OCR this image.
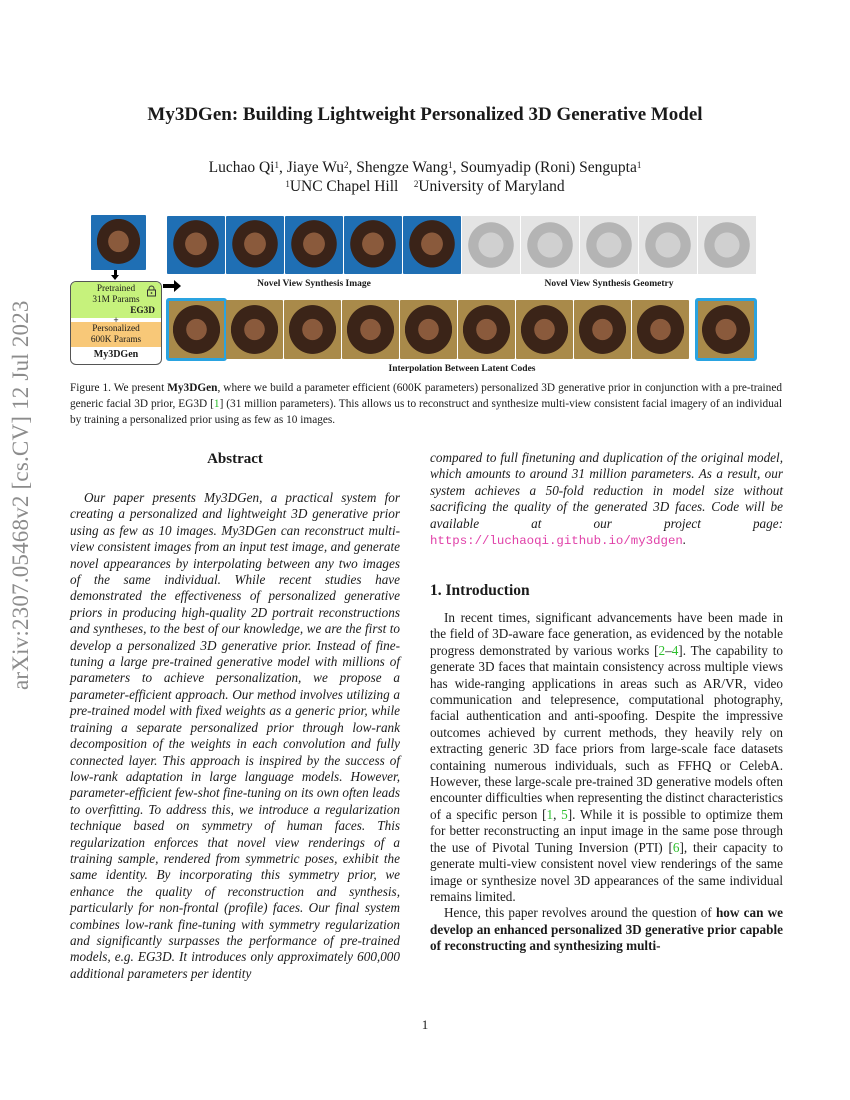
My3DGen: Building Lightweight Personalized 3D Generative Model
Luchao Qi$^1$, Jiaye Wu$^2$, Shengze Wang$^1$, Soumyadip (Roni) Sengupta$^1$
$^1$UNC Chapel Hill $^2$University of Maryland
arXiv:2307.05468v2 [cs.CV] 12 Jul 2023
Pretrained
31M Params
EG3D
+
Personalized
600K Params
My3DGen
Novel View Synthesis Image	Novel View Synthesis Geometry
Interpolation Between Latent Codes
Figure 1. We present My3DGen, where we build a parameter efficient (600K parameters) personalized 3D generative prior in conjunction with a pre-trained generic facial 3D prior, EG3D [1] (31 million parameters). This allows us to reconstruct and synthesize multi-view consistent facial imagery of an individual by training a personalized prior using as few as 10 images.
Abstract
Our paper presents My3DGen, a practical system for creating a personalized and lightweight 3D generative prior using as few as 10 images. My3DGen can reconstruct multi-view consistent images from an input test image, and generate novel appearances by interpolating between any two images of the same individual. While recent studies have demonstrated the effectiveness of personalized generative priors in producing high-quality 2D portrait reconstructions and syntheses, to the best of our knowledge, we are the first to develop a personalized 3D generative prior. Instead of fine-tuning a large pre-trained generative model with millions of parameters to achieve personalization, we propose a parameter-efficient approach. Our method involves utilizing a pre-trained model with fixed weights as a generic prior, while training a separate personalized prior through low-rank decomposition of the weights in each convolution and fully connected layer. This approach is inspired by the success of low-rank adaptation in large language models. However, parameter-efficient few-shot fine-tuning on its own often leads to overfitting. To address this, we introduce a regularization technique based on symmetry of human faces. This regularization enforces that novel view renderings of a training sample, rendered from symmetric poses, exhibit the same identity. By incorporating this symmetry prior, we enhance the quality of reconstruction and synthesis, particularly for non-frontal (profile) faces. Our final system combines low-rank fine-tuning with symmetry regularization and significantly surpasses the performance of pre-trained models, e.g. EG3D. It introduces only approximately 600,000 additional parameters per identity
compared to full finetuning and duplication of the original model, which amounts to around 31 million parameters. As a result, our system achieves a 50-fold reduction in model size without sacrificing the quality of the generated 3D faces. Code will be available at our project page: https://luchaoqi.github.io/my3dgen.
1. Introduction

In recent times, significant advancements have been made in the field of 3D-aware face generation, as evidenced by the notable progress demonstrated by various works [2–4]. The capability to generate 3D faces that maintain consistency across multiple views has wide-ranging applications in areas such as AR/VR, video communication and telepresence, computational photography, facial authentication and anti-spoofing. Despite the impressive outcomes achieved by current methods, they heavily rely on extracting generic 3D face priors from large-scale face datasets containing numerous individuals, such as FFHQ or CelebA. However, these large-scale pre-trained 3D generative models often encounter difficulties when representing the distinct characteristics of a specific person [1, 5]. While it is possible to optimize them for better reconstructing an input image in the same pose through the use of Pivotal Tuning Inversion (PTI) [6], their capacity to generate multi-view consistent novel view renderings of the same image or synthesize novel 3D appearances of the same individual remains limited.

Hence, this paper revolves around the question of how can we develop an enhanced personalized 3D generative prior capable of reconstructing and synthesizing multi-

1
